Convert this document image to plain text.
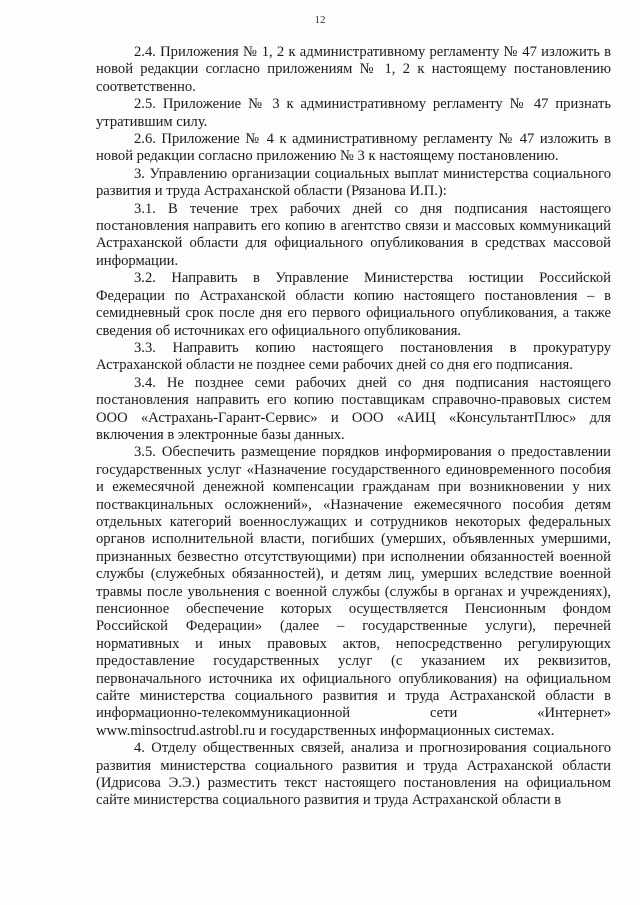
12

2.4. Приложения № 1, 2 к административному регламенту № 47 изложить в новой редакции согласно приложениям № 1, 2 к настоящему постановлению соответственно.

2.5. Приложение № 3 к административному регламенту № 47 признать утратившим силу.

2.6. Приложение № 4 к административному регламенту № 47 изложить в новой редакции согласно приложению № 3 к настоящему постановлению.

3. Управлению организации социальных выплат министерства социального развития и труда Астраханской области (Рязанова И.П.):

3.1. В течение трех рабочих дней со дня подписания настоящего постановления направить его копию в агентство связи и массовых коммуникаций Астраханской области для официального опубликования в средствах массовой информации.

3.2. Направить в Управление Министерства юстиции Российской Федерации по Астраханской области копию настоящего постановления – в семидневный срок после дня его первого официального опубликования, а также сведения об источниках его официального опубликования.

3.3. Направить копию настоящего постановления в прокуратуру Астраханской области не позднее семи рабочих дней со дня его подписания.

3.4. Не позднее семи рабочих дней со дня подписания настоящего постановления направить его копию поставщикам справочно-правовых систем ООО «Астрахань-Гарант-Сервис» и ООО «АИЦ «КонсультантПлюс» для включения в электронные базы данных.

3.5. Обеспечить размещение порядков информирования о предоставлении государственных услуг «Назначение государственного единовременного пособия и ежемесячной денежной компенсации гражданам при возникновении у них поствакцинальных осложнений», «Назначение ежемесячного пособия детям отдельных категорий военнослужащих и сотрудников некоторых федеральных органов исполнительной власти, погибших (умерших, объявленных умершими, признанных безвестно отсутствующими) при исполнении обязанностей военной службы (служебных обязанностей), и детям лиц, умерших вследствие военной травмы после увольнения с военной службы (службы в органах и учреждениях), пенсионное обеспечение которых осуществляется Пенсионным фондом Российской Федерации» (далее – государственные услуги), перечней нормативных и иных правовых актов, непосредственно регулирующих предоставление государственных услуг (с указанием их реквизитов, первоначального источника их официального опубликования) на официальном сайте министерства социального развития и труда Астраханской области в информационно-телекоммуникационной сети «Интернет» www.minsoctrud.astrobl.ru и государственных информационных системах.

4. Отделу общественных связей, анализа и прогнозирования социального развития министерства социального развития и труда Астраханской области (Идрисова Э.Э.) разместить текст настоящего постановления на официальном сайте министерства социального развития и труда Астраханской области в
